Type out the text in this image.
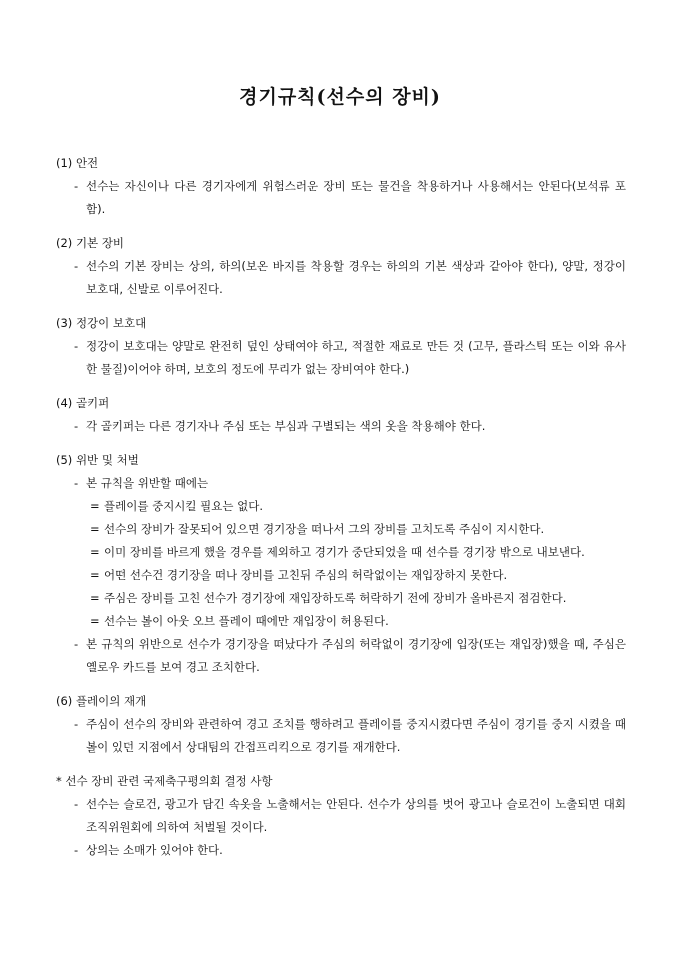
경기규칙(선수의 장비)
(1) 안전
- 선수는 자신이나 다른 경기자에게 위험스러운 장비 또는 물건을 착용하거나 사용해서는 안된다(보석류 포함).
(2) 기본 장비
- 선수의 기본 장비는 상의, 하의(보온 바지를 착용할 경우는 하의의 기본 색상과 같아야 한다), 양말, 정강이 보호대, 신발로 이루어진다.
(3) 정강이 보호대
- 정강이 보호대는 양말로 완전히 덮인 상태여야 하고, 적절한 재료로 만든 것 (고무, 플라스틱 또는 이와 유사한 물질)이어야 하며, 보호의 정도에 무리가 없는 장비여야 한다.)
(4) 골키퍼
- 각 골키퍼는 다른 경기자나 주심 또는 부심과 구별되는 색의 옷을 착용해야 한다.
(5) 위반 및 처벌
- 본 규칙을 위반할 때에는
= 플레이를 중지시킬 필요는 없다.
= 선수의 장비가 잘못되어 있으면 경기장을 떠나서 그의 장비를 고치도록 주심이 지시한다.
= 이미 장비를 바르게 했을 경우를 제외하고 경기가 중단되었을 때 선수를 경기장 밖으로 내보낸다.
= 어떤 선수건 경기장을 떠나 장비를 고친뒤 주심의 허락없이는 재입장하지 못한다.
= 주심은 장비를 고친 선수가 경기장에 재입장하도록 허락하기 전에 장비가 올바른지 점검한다.
= 선수는 볼이 아웃 오브 플레이 때에만 재입장이 허용된다.
- 본 규칙의 위반으로 선수가 경기장을 떠났다가 주심의 허락없이 경기장에 입장(또는 재입장)했을 때, 주심은 옐로우 카드를 보여 경고 조치한다.
(6) 플레이의 재개
- 주심이 선수의 장비와 관련하여 경고 조치를 행하려고 플레이를 중지시켰다면 주심이 경기를 중지 시켰을 때 볼이 있던 지점에서 상대팀의 간접프리킥으로 경기를 재개한다.
* 선수 장비 관련 국제축구평의회 결정 사항
- 선수는 슬로건, 광고가 담긴 속옷을 노출해서는 안된다. 선수가 상의를 벗어 광고나 슬로건이 노출되면 대회 조직위원회에 의하여 처벌될 것이다.
- 상의는 소매가 있어야 한다.
